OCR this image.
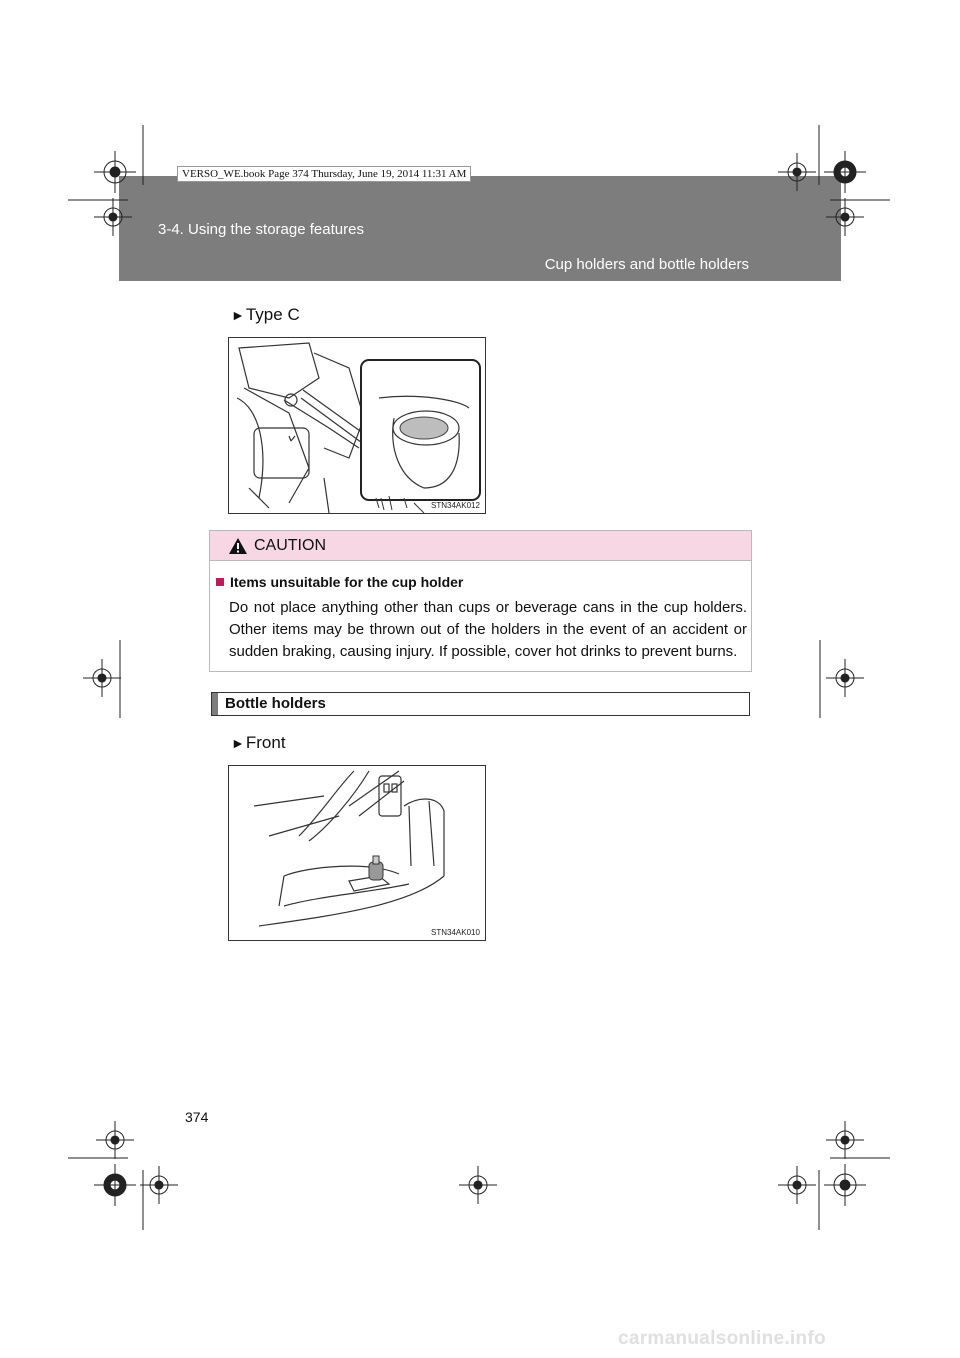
3-4. Using the storage features
Cup holders and bottle holders
VERSO_WE.book Page 374 Thursday, June 19, 2014 11:31 AM
►Type C
STN34AK012
CAUTION
Items unsuitable for the cup holder
Do not place anything other than cups or beverage cans in the cup holders. Other items may be thrown out of the holders in the event of an accident or sudden braking, causing injury. If possible, cover hot drinks to prevent burns.
Bottle holders
►Front
STN34AK010
374
carmanualsonline.info
